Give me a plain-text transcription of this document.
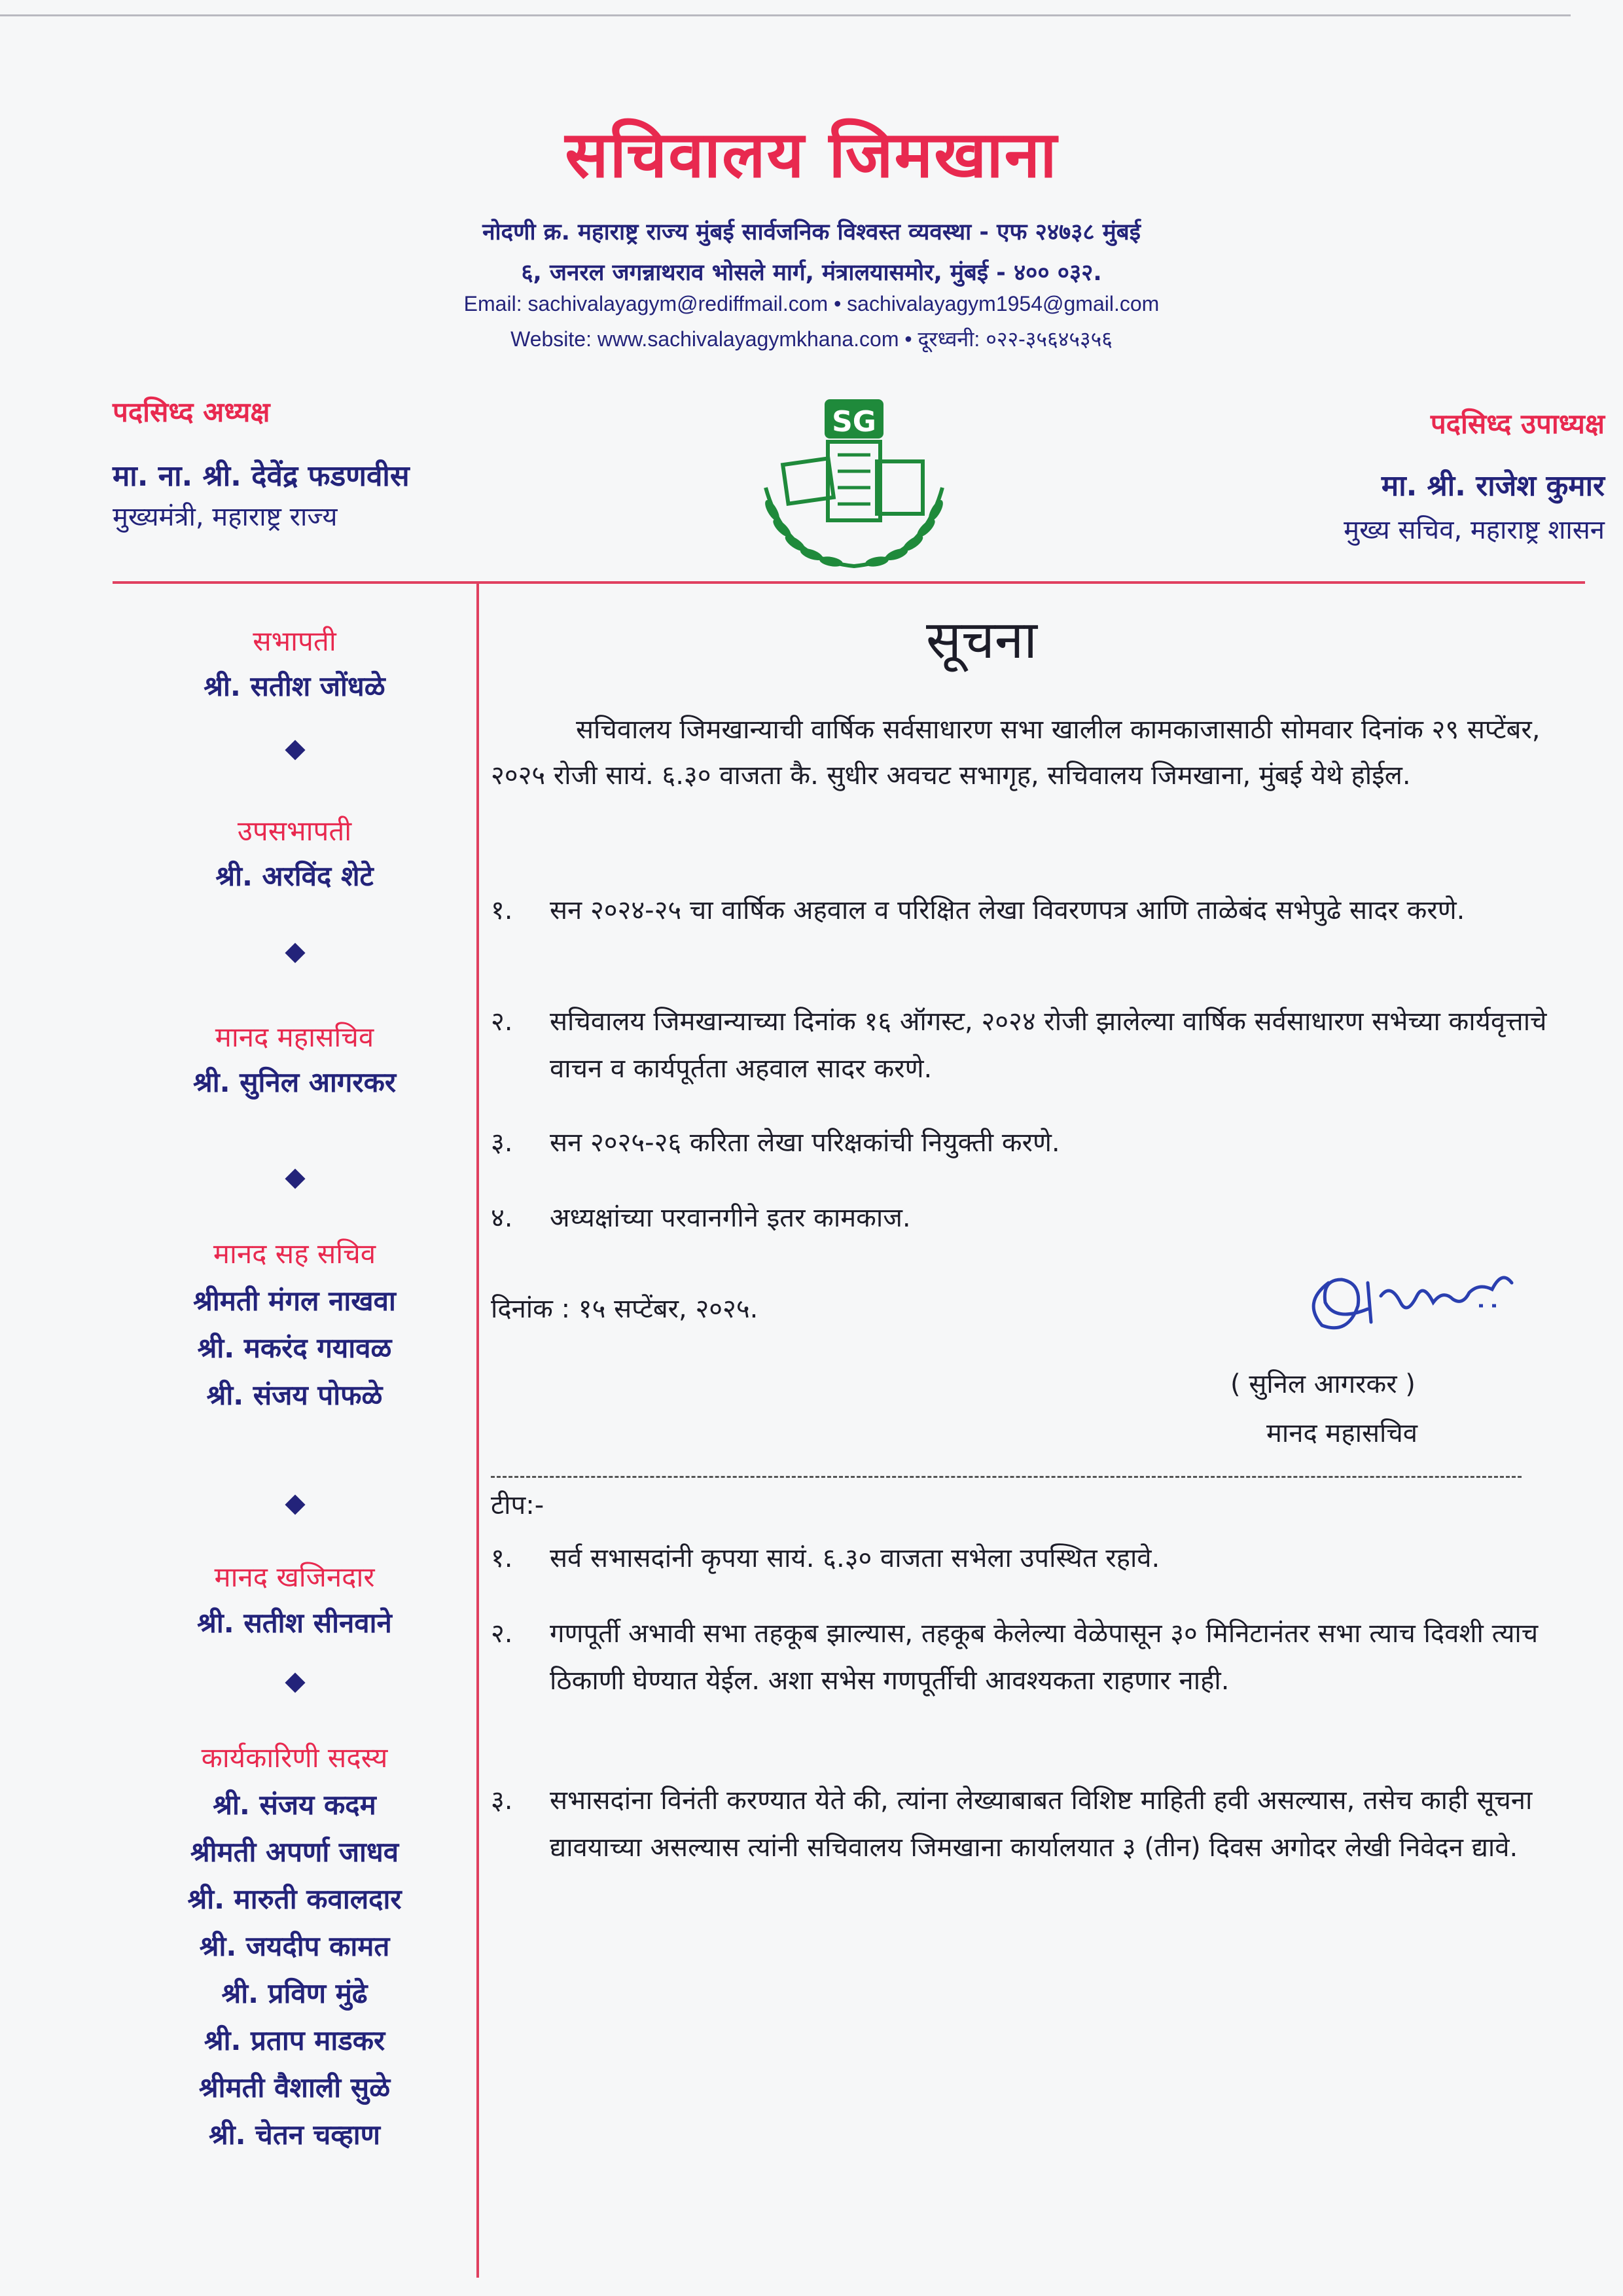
सचिवालय जिमखाना
नोदणी क्र. महाराष्ट्र राज्य मुंबई सार्वजनिक विश्वस्त व्यवस्था - एफ २४७३८ मुंबई
६, जनरल जगन्नाथराव भोसले मार्ग, मंत्रालयासमोर, मुंबई - ४०० ०३२.
Email: sachivalayagym@rediffmail.com • sachivalayagym1954@gmail.com
Website: www.sachivalayagymkhana.com • दूरध्वनी: ०२२-३५६४५३५६
पदसिध्द अध्यक्ष
मा. ना. श्री. देवेंद्र फडणवीस
मुख्यमंत्री, महाराष्ट्र राज्य
पदसिध्द उपाध्यक्ष
मा. श्री. राजेश कुमार
मुख्य सचिव, महाराष्ट्र शासन
SG
सभापती
श्री. सतीश जोंधळे
उपसभापती
श्री. अरविंद शेटे
मानद महासचिव
श्री. सुनिल आगरकर
मानद सह सचिव
श्रीमती मंगल नाखवा
श्री. मकरंद गयावळ
श्री. संजय पोफळे
मानद खजिनदार
श्री. सतीश सीनवाने
कार्यकारिणी सदस्य
श्री. संजय कदम
श्रीमती अपर्णा जाधव
श्री. मारुती कवालदार
श्री. जयदीप कामत
श्री. प्रविण मुंढे
श्री. प्रताप माडकर
श्रीमती वैशाली सुळे
श्री. चेतन चव्हाण
सूचना
सचिवालय जिमखान्याची वार्षिक सर्वसाधारण सभा खालील कामकाजासाठी सोमवार दिनांक २९ सप्टेंबर, २०२५ रोजी सायं. ६.३० वाजता कै. सुधीर अवचट सभागृह, सचिवालय जिमखाना, मुंबई येथे होईल.
१. सन २०२४-२५ चा वार्षिक अहवाल व परिक्षित लेखा विवरणपत्र आणि ताळेबंद सभेपुढे सादर करणे.
२. सचिवालय जिमखान्याच्या दिनांक १६ ऑगस्ट, २०२४ रोजी झालेल्या वार्षिक सर्वसाधारण सभेच्या कार्यवृत्ताचे वाचन व कार्यपूर्तता अहवाल सादर करणे.
३. सन २०२५-२६ करिता लेखा परिक्षकांची नियुक्ती करणे.
४. अध्यक्षांच्या परवानगीने इतर कामकाज.
दिनांक : १५ सप्टेंबर, २०२५.
( सुनिल आगरकर )
मानद महासचिव
टीप:-
१. सर्व सभासदांनी कृपया सायं. ६.३० वाजता सभेला उपस्थित रहावे.
२. गणपूर्ती अभावी सभा तहकूब झाल्यास, तहकूब केलेल्या वेळेपासून ३० मिनिटानंतर सभा त्याच दिवशी त्याच ठिकाणी घेण्यात येईल. अशा सभेस गणपूर्तीची आवश्यकता राहणार नाही.
३. सभासदांना विनंती करण्यात येते की, त्यांना लेख्याबाबत विशिष्ट माहिती हवी असल्यास, तसेच काही सूचना द्यावयाच्या असल्यास त्यांनी सचिवालय जिमखाना कार्यालयात ३ (तीन) दिवस अगोदर लेखी निवेदन द्यावे.
